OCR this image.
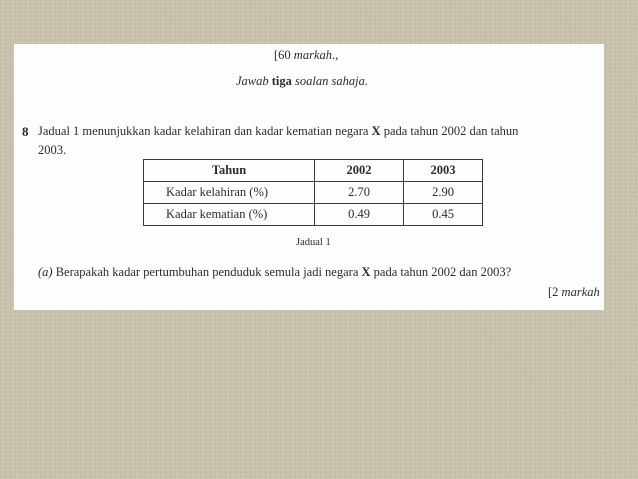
[60 markah.,
Jawab tiga soalan sahaja.
8 Jadual 1 menunjukkan kadar kelahiran dan kadar kematian negara X pada tahun 2002 dan tahun
2003.
Tahun	2002	2003
Kadar kelahiran (%)	2.70	2.90
Kadar kematian (%)	0.49	0.45
Jadual 1
(a) Berapakah kadar pertumbuhan penduduk semula jadi negara X pada tahun 2002 dan 2003?
[2 markah
